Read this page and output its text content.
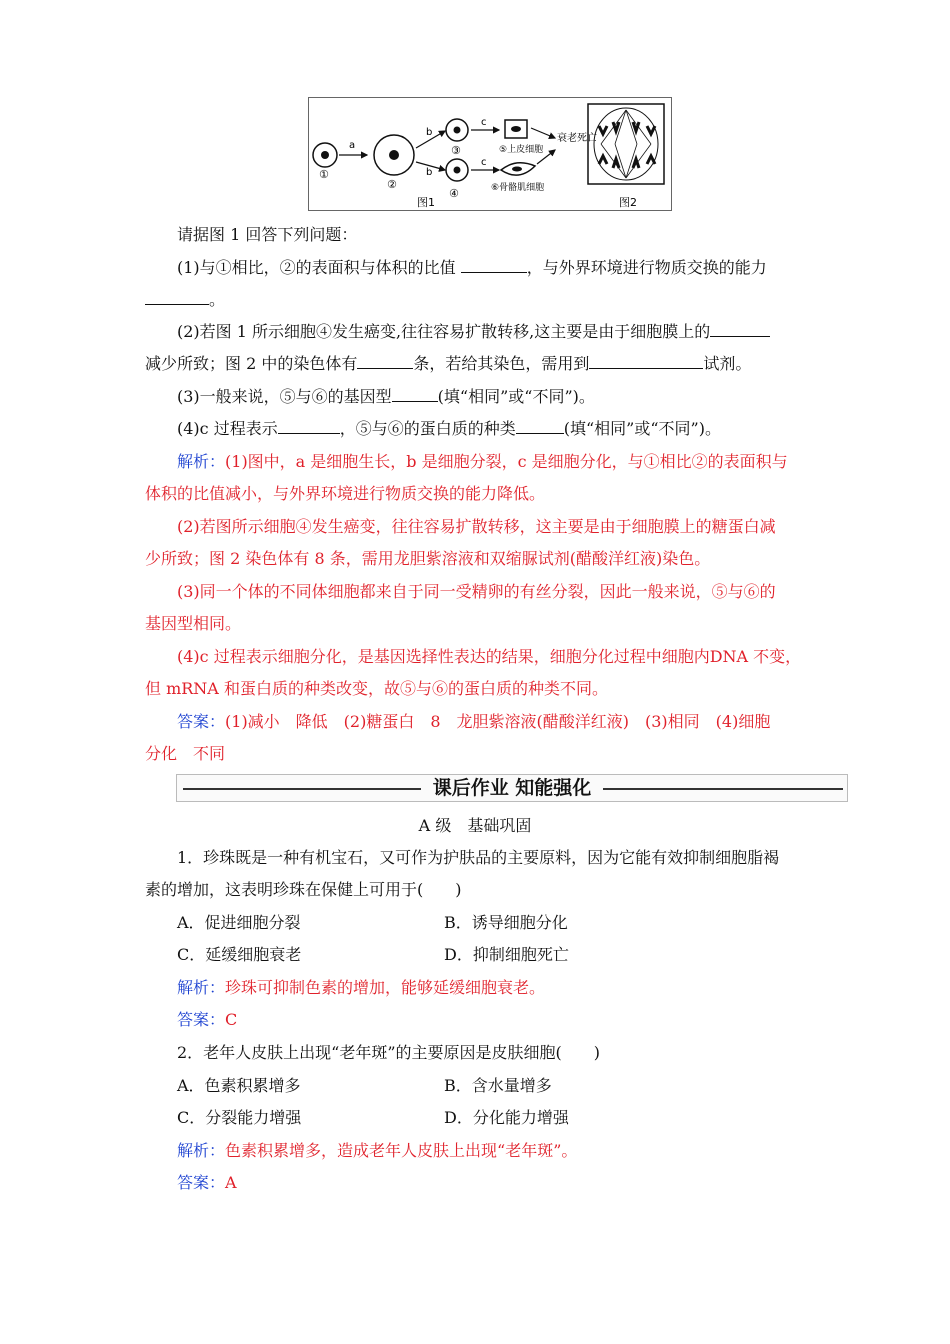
①
a
②
b
b
④
③
c
c
⑤上皮细胞
⑥骨骼肌细胞
衰老死亡
图1	图2
请据图 1 回答下列问题：
(1)与①相比，②的表面积与体积的比值	，与外界环境进行物质交换的能力
。
(2)若图 1 所示细胞④发生癌变,往往容易扩散转移,这主要是由于细胞膜上的
减少所致；图 2 中的染色体有	条，若给其染色，需用到	试剂。
(3)一般来说，⑤与⑥的基因型	(填“相同”或“不同”)。
(4)c 过程表示	，⑤与⑥的蛋白质的种类	(填“相同”或“不同”)。
解析：(1)图中，a 是细胞生长，b 是细胞分裂，c 是细胞分化，与①相比②的表面积与
体积的比值减小，与外界环境进行物质交换的能力降低。
(2)若图所示细胞④发生癌变，往往容易扩散转移，这主要是由于细胞膜上的糖蛋白减
少所致；图 2 染色体有 8 条，需用龙胆紫溶液和双缩脲试剂(醋酸洋红液)染色。
(3)同一个体的不同体细胞都来自于同一受精卵的有丝分裂，因此一般来说，⑤与⑥的
基因型相同。
(4)c 过程表示细胞分化，是基因选择性表达的结果，细胞分化过程中细胞内DNA 不变，
但 mRNA 和蛋白质的种类改变，故⑤与⑥的蛋白质的种类不同。
答案：(1)减小　降低　(2)糖蛋白　8　龙胆紫溶液(醋酸洋红液)　(3)相同　(4)细胞
分化　不同
课后作业 知能强化
A 级　基础巩固
1．珍珠既是一种有机宝石，又可作为护肤品的主要原料，因为它能有效抑制细胞脂褐
素的增加，这表明珍珠在保健上可用于(　　)
A．促进细胞分裂	B．诱导细胞分化
C．延缓细胞衰老	D．抑制细胞死亡
解析：珍珠可抑制色素的增加，能够延缓细胞衰老。
答案：C
2．老年人皮肤上出现“老年斑”的主要原因是皮肤细胞(　　)
A．色素积累增多	B．含水量增多
C．分裂能力增强	D．分化能力增强
解析：色素积累增多，造成老年人皮肤上出现“老年斑”。
答案：A
